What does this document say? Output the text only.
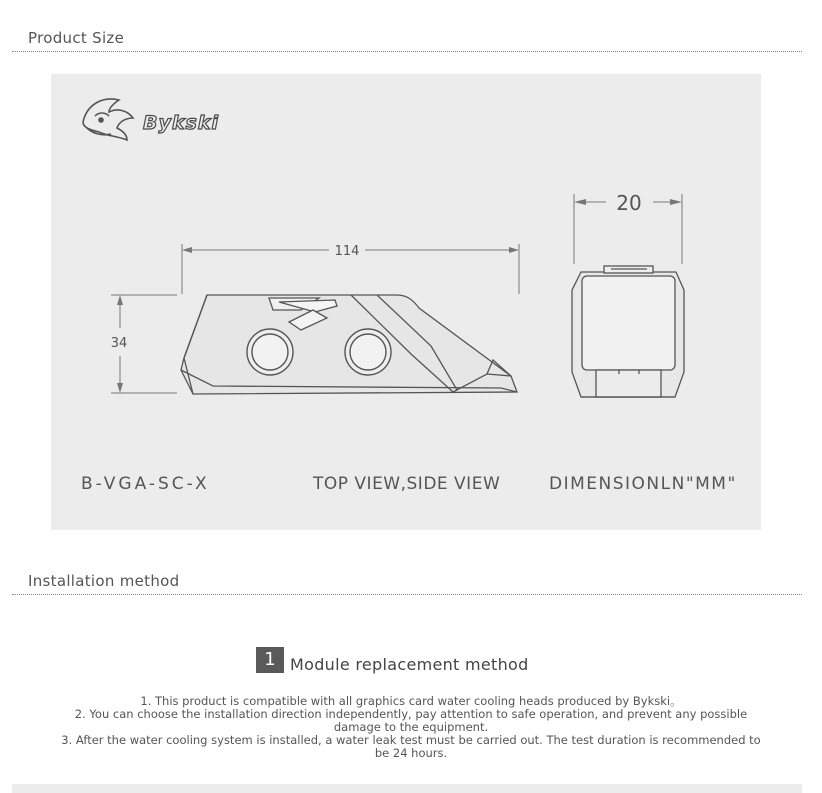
Product Size
114
34
20
Bykski
B-VGA-SC-X	TOP VIEW,SIDE VIEW	DIMENSIONLN"MM"
Installation method
1 Module replacement method

1. This product is compatible with all graphics card water cooling heads produced by Bykski。

2. You can choose the installation direction independently, pay attention to safe operation, and prevent any possible damage to the equipment.

3. After the water cooling system is installed, a water leak test must be carried out. The test duration is recommended to be 24 hours.
